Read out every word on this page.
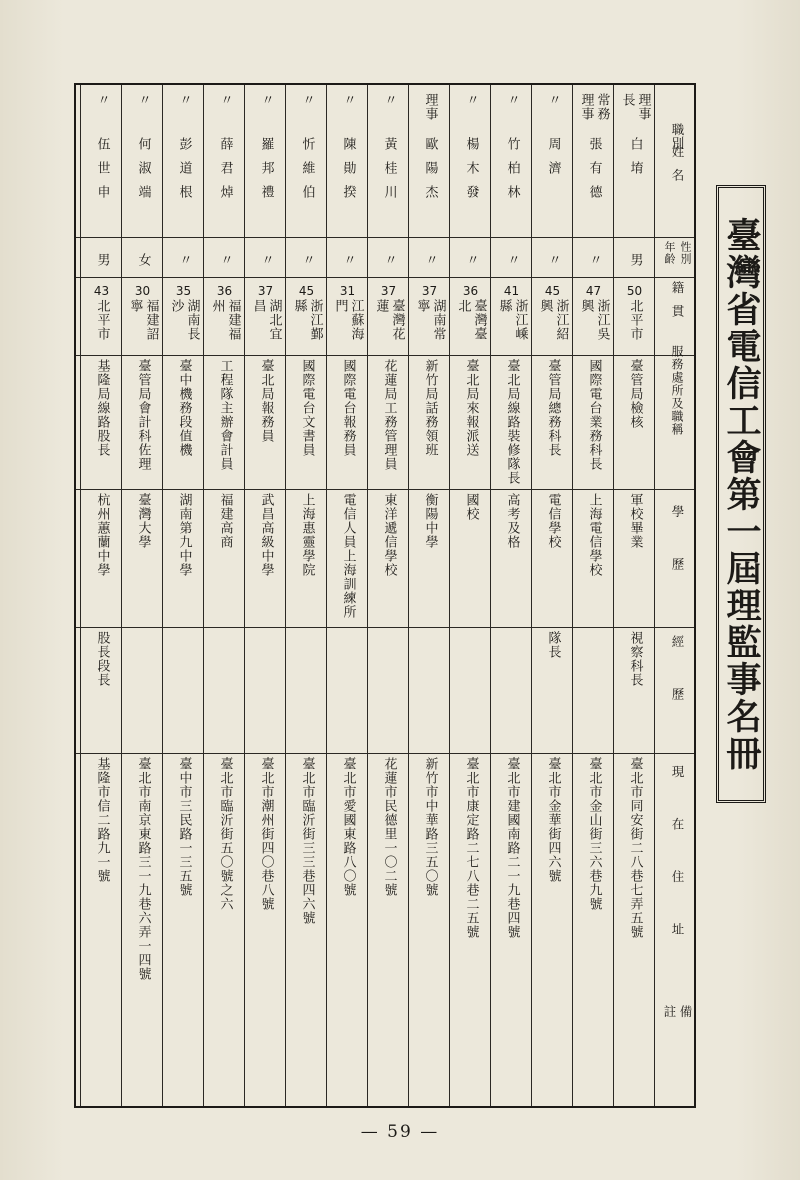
臺灣省電信工會第一屆理監事名冊
職別
姓名
性別
年齡
籍貫
服務處所及職稱
學歷
經歷
現在住址
備註
理事長
白堉
男
50
北平市
臺管局檢核
軍校畢業
視察科長
臺北市同安街二八巷七弄五號
常務理事
張有德
〃
47
浙江吳興
國際電台業務科長
上海電信學校
臺北市金山街三六巷九號
〃
周濟
〃
45
浙江紹興
臺管局總務科長
電信學校
隊長
臺北市金華街四六號
〃
竹柏林
〃
41
浙江嵊縣
臺北局線路裝修隊長
高考及格
臺北市建國南路二一九巷四號
〃
楊木發
〃
36
臺灣臺北
臺北局來報派送
國校
臺北市康定路二七八巷二五號
理事
歐陽杰
〃
37
湖南常寧
新竹局話務領班
衡陽中學
新竹市中華路三五〇號
〃
黃桂川
〃
37
臺灣花蓮
花蓮局工務管理員
東洋遞信學校
花蓮市民德里一〇二號
〃
陳勛揆
〃
31
江蘇海門
國際電台報務員
電信人員上海訓練所
臺北市愛國東路八〇號
〃
忻維伯
〃
45
浙江鄞縣
國際電台文書員
上海惠靈學院
臺北市臨沂街三三巷四六號
〃
羅邦禮
〃
37
湖北宜昌
臺北局報務員
武昌高級中學
臺北市潮州街四〇巷八號
〃
薛君焯
〃
36
福建福州
工程隊主辦會計員
福建高商
臺北市臨沂街五〇號之六
〃
彭道根
〃
35
湖南長沙
臺中機務段值機
湖南第九中學
臺中市三民路一三五號
〃
何淑端
女
30
福建詔寧
臺管局會計科佐理
臺灣大學
臺北市南京東路三一九巷六弄一四號
〃
伍世申
男
43
北平市
基隆局線路股長
杭州蕙蘭中學
股長段長
基隆市信二路九一號
— 59 —
